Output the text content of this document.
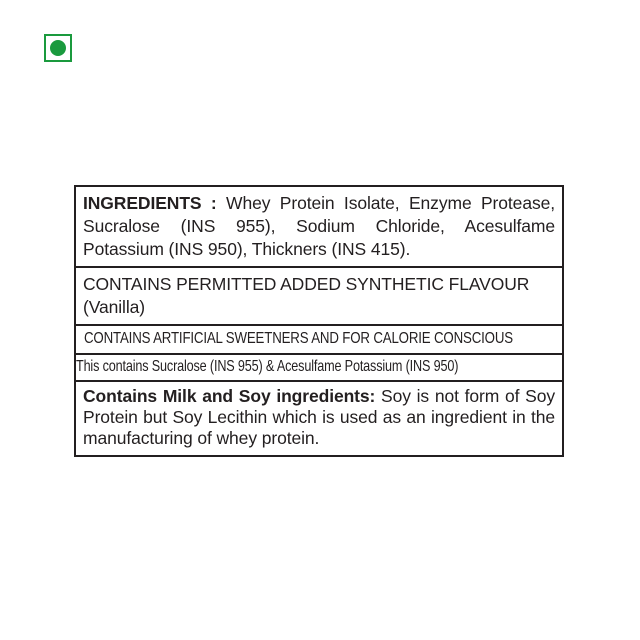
INGREDIENTS : Whey Protein Isolate, Enzyme Protease, Sucralose (INS 955), Sodium Chloride, Acesulfame Potassium (INS 950), Thickners (INS 415).

CONTAINS PERMITTED ADDED SYNTHETIC FLAVOUR (Vanilla)

CONTAINS ARTIFICIAL SWEETNERS AND FOR CALORIE CONSCIOUS
This contains Sucralose (INS 955) & Acesulfame Potassium (INS 950)

Contains Milk and Soy ingredients: Soy is not form of Soy Protein but Soy Lecithin which is used as an ingredient in the manufacturing of whey protein.
